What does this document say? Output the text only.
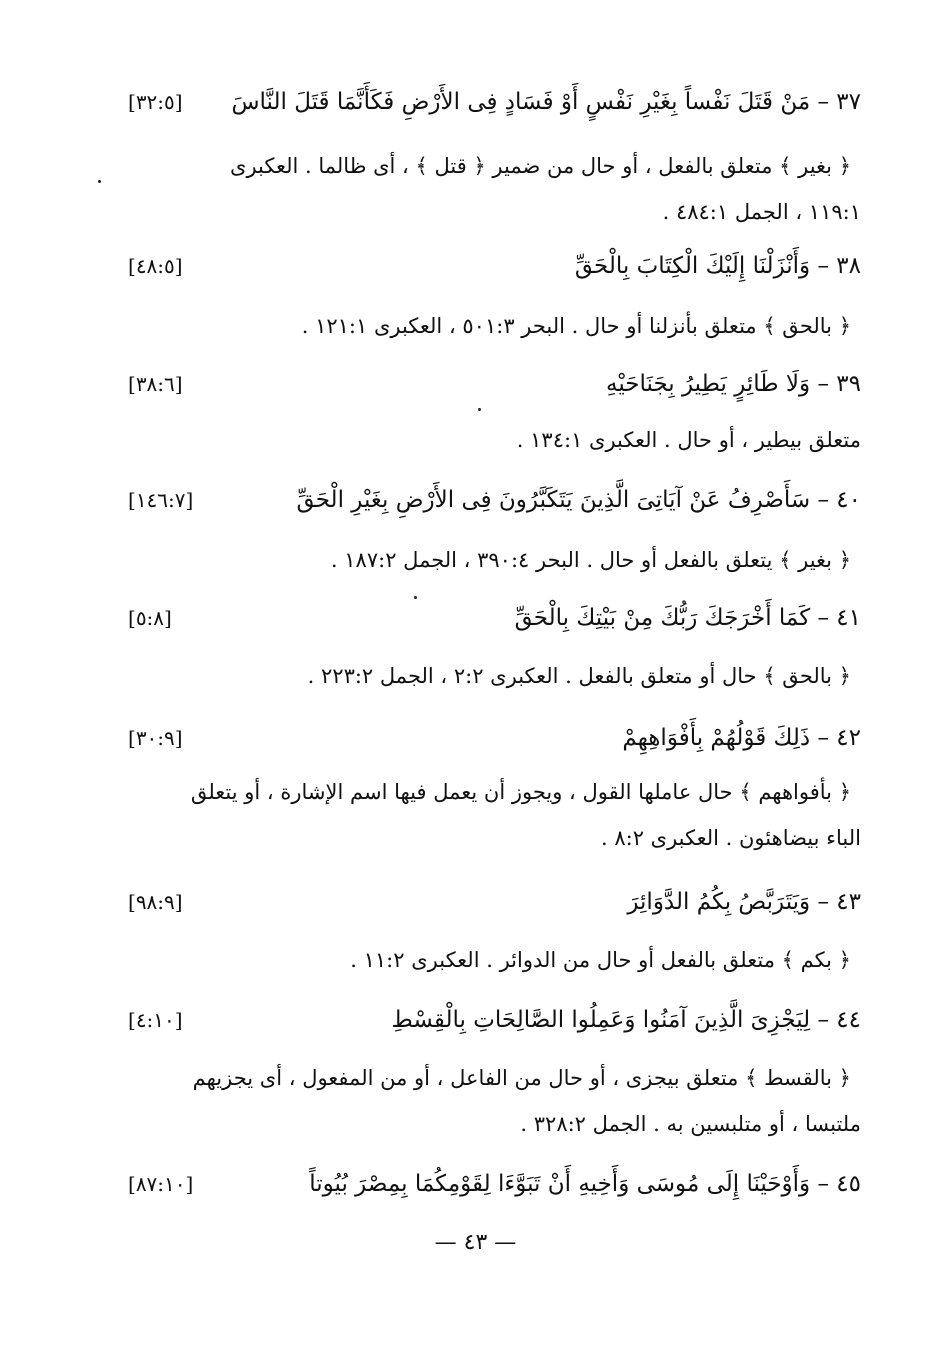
٣٧ – مَنْ قَتَلَ نَفْساً بِغَيْرِ نَفْسٍ أَوْ فَسَادٍ فِى الأَرْضِ فَكَأَنَّمَا قَتَلَ النَّاسَ
[٣٢:٥]
﴿ بغير ﴾ متعلق بالفعل ، أو حال من ضمير ﴿ قتل ﴾ ، أى ظالما . العكبرى
١١٩:١ ، الجمل ٤٨٤:١ .
٣٨ – وَأَنْزَلْنَا إِلَيْكَ الْكِتَابَ بِالْحَقِّ
[٤٨:٥]
﴿ بالحق ﴾ متعلق بأنزلنا أو حال . البحر ٥٠١:٣ ، العكبرى ١٢١:١ .
٣٩ – وَلَا طَائِرٍ يَطِيرُ بِجَنَاحَيْهِ
[٣٨:٦]
متعلق بيطير ، أو حال . العكبرى ١٣٤:١ .
٤٠ – سَأَصْرِفُ عَنْ آيَاتِىَ الَّذِينَ يَتَكَبَّرُونَ فِى الأَرْضِ بِغَيْرِ الْحَقِّ
[١٤٦:٧]
﴿ بغير ﴾ يتعلق بالفعل أو حال . البحر ٣٩٠:٤ ، الجمل ١٨٧:٢ .
٤١ – كَمَا أَخْرَجَكَ رَبُّكَ مِنْ بَيْتِكَ بِالْحَقِّ
[٥:٨]
﴿ بالحق ﴾ حال أو متعلق بالفعل . العكبرى ٢:٢ ، الجمل ٢٢٣:٢ .
٤٢ – ذَلِكَ قَوْلُهُمْ بِأَفْوَاهِهِمْ
[٣٠:٩]
﴿ بأفواههم ﴾ حال عاملها القول ، ويجوز أن يعمل فيها اسم الإشارة ، أو يتعلق
الباء بيضاهئون . العكبرى ٨:٢ .
٤٣ – وَيَتَرَبَّصُ بِكُمُ الدَّوَائِرَ
[٩٨:٩]
﴿ بكم ﴾ متعلق بالفعل أو حال من الدوائر . العكبرى ١١:٢ .
٤٤ – لِيَجْزِىَ الَّذِينَ آمَنُوا وَعَمِلُوا الصَّالِحَاتِ بِالْقِسْطِ
[٤:١٠]
﴿ بالقسط ﴾ متعلق بيجزى ، أو حال من الفاعل ، أو من المفعول ، أى يجزيهم
ملتبسا ، أو متلبسين به . الجمل ٣٢٨:٢ .
٤٥ – وَأَوْحَيْنَا إِلَى مُوسَى وَأَخِيهِ أَنْ تَبَوَّءَا لِقَوْمِكُمَا بِمِصْرَ بُيُوتاً
[٨٧:١٠]
— ٤٣ —
